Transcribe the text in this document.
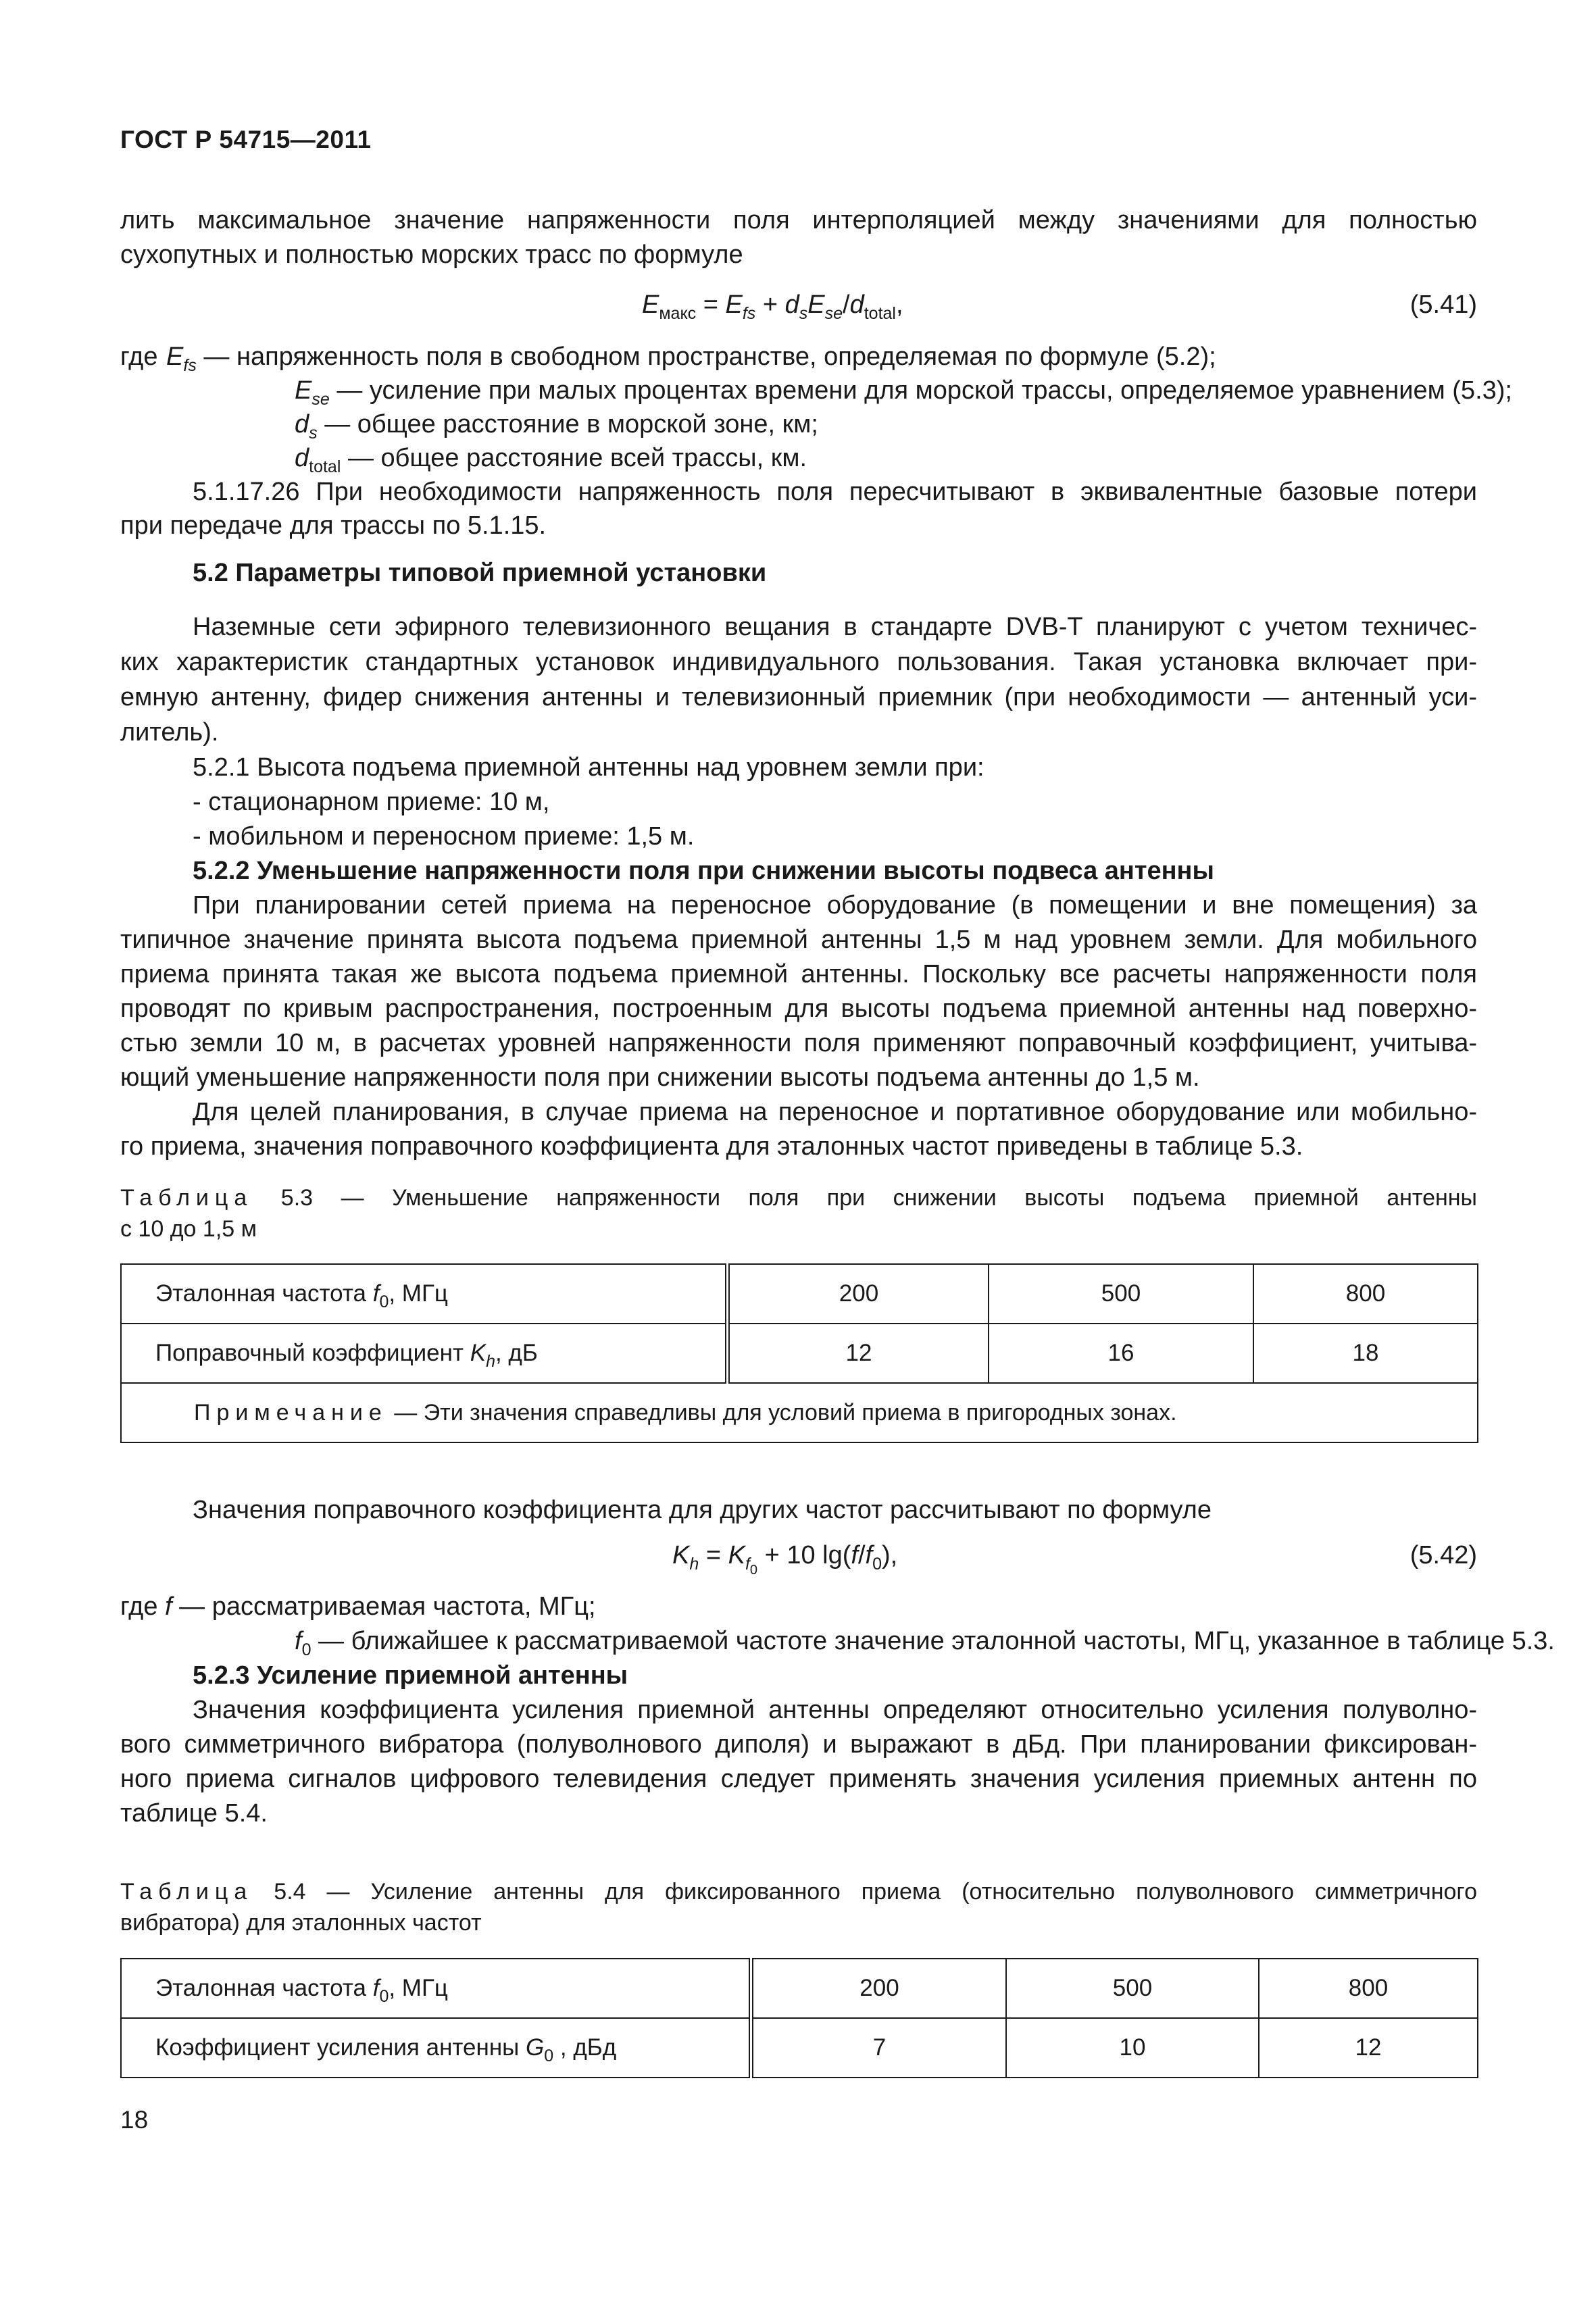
ГОСТ Р 54715—2011
лить максимальное значение напряженности поля интерполяцией между значениями для полностью
сухопутных и полностью морских трасс по формуле
$E_{макс} = E_{fs} + d_sE_{se}/d_{total}$,	(5.41)
где $E_{fs}$ — напряженность поля в свободном пространстве, определяемая по формуле (5.2);
$E_{se}$ — усиление при малых процентах времени для морской трассы, определяемое уравнением (5.3);
$d_s$ — общее расстояние в морской зоне, км;
$d_{total}$ — общее расстояние всей трассы, км.
5.1.17.26 При необходимости напряженность поля пересчитывают в эквивалентные базовые потери
при передаче для трассы по 5.1.15.
5.2 Параметры типовой приемной установки
Наземные сети эфирного телевизионного вещания в стандарте DVB-T планируют с учетом техничес-
ких характеристик стандартных установок индивидуального пользования. Такая установка включает при-
емную антенну, фидер снижения антенны и телевизионный приемник (при необходимости — антенный уси-
литель).
5.2.1 Высота подъема приемной антенны над уровнем земли при:
- стационарном приеме: 10 м,
- мобильном и переносном приеме: 1,5 м.
5.2.2 Уменьшение напряженности поля при снижении высоты подвеса антенны
При планировании сетей приема на переносное оборудование (в помещении и вне помещения) за
типичное значение принята высота подъема приемной антенны 1,5 м над уровнем земли. Для мобильного
приема принята такая же высота подъема приемной антенны. Поскольку все расчеты напряженности поля
проводят по кривым распространения, построенным для высоты подъема приемной антенны над поверхно-
стью земли 10 м, в расчетах уровней напряженности поля применяют поправочный коэффициент, учитыва-
ющий уменьшение напряженности поля при снижении высоты подъема антенны до 1,5 м.
Для целей планирования, в случае приема на переносное и портативное оборудование или мобильно-
го приема, значения поправочного коэффициента для эталонных частот приведены в таблице 5.3.
Таблица 5.3 — Уменьшение напряженности поля при снижении высоты подъема приемной антенны
с 10 до 1,5 м
Эталонная частота $f_0$, МГц	200	500	800
Поправочный коэффициент $K_h$, дБ	12	16	18
Примечание — Эти значения справедливы для условий приема в пригородных зонах.			
Значения поправочного коэффициента для других частот рассчитывают по формуле
$K_h = K_{f_0} + 10$ $\lg(f/f_0)$,	(5.42)
где f — рассматриваемая частота, МГц;
$f_0$ — ближайшее к рассматриваемой частоте значение эталонной частоты, МГц, указанное в таблице 5.3.
5.2.3 Усиление приемной антенны
Значения коэффициента усиления приемной антенны определяют относительно усиления полуволно-
вого симметричного вибратора (полуволнового диполя) и выражают в дБд. При планировании фиксирован-
ного приема сигналов цифрового телевидения следует применять значения усиления приемных антенн по
таблице 5.4.
Таблица 5.4 — Усиление антенны для фиксированного приема (относительно полуволнового симметричного
вибратора) для эталонных частот
Эталонная частота $f_0$, МГц	200	500	800
Коэффициент усиления антенны $G_0$ , дБд	7	10	12
18
